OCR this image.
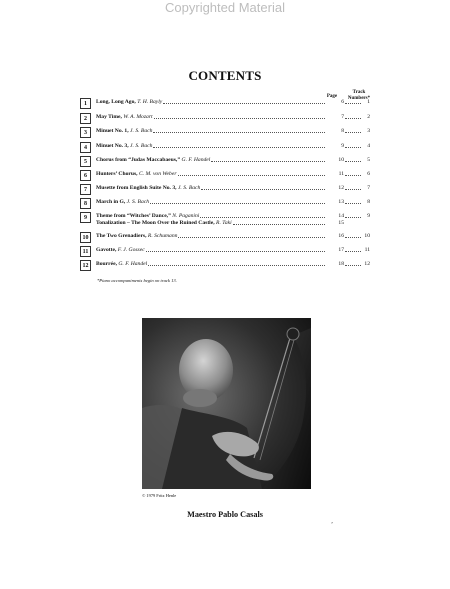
Copyrighted Material
CONTENTS
Page
Track
Numbers*
1	Long, Long Ago, T. H. Bayly	6	1
2	May Time, W. A. Mozart	7	2
3	Minuet No. 1, J. S. Bach	8	3
4	Minuet No. 3, J. S. Bach	9	4
5	Chorus from “Judas Maccabaeus,” G. F. Handel	10	5
6	Hunters’ Chorus, C. M. von Weber	11	6
7	Musette from English Suite No. 3, J. S. Bach	12	7
8	March in G, J. S. Bach	13	8
9	Theme from “Witches’ Dance,” N. Paganini	14	9
Tonalization – The Moon Over the Ruined Castle, R. Taki	15
10	The Two Grenadiers, R. Schumann	16	10
11	Gavotte, F. J. Gossec	17	11
12	Bourrée, G. F. Handel	18	12
*Piano accompaniments begin on track 13.
© 1979 Fritz Henle
Maestro Pablo Casals
’
